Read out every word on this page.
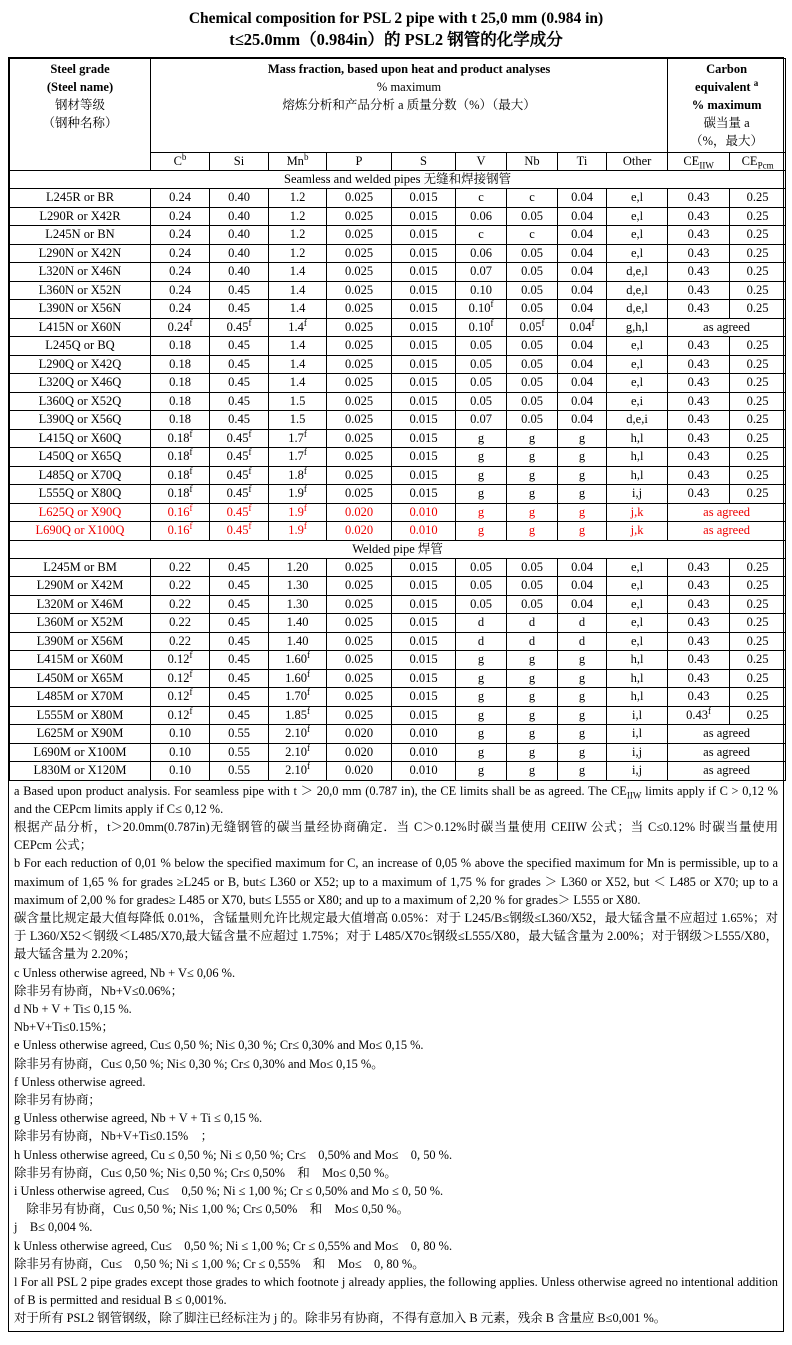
Chemical composition for PSL 2 pipe with t 25,0 mm (0.984 in)
t≤25.0mm（0.984in）的 PSL2 钢管的化学成分
Steel grade
(Steel name)
钢材等级
（钢种名称）

Mass fraction, based upon heat and product analyses
% maximum
熔炼分析和产品分析 a 质量分数（%）（最大）

Carbon
equivalent $^a$
% maximum
碳当量 a
（%，最大）

	$C^b$	Si	Mn$^b$	P	S	V	Nb	Ti	Other	$CE_{IIW}$	$CE_{Pcm}$
Seamless and welded pipes 无缝和焊接钢管											
L245R or BR	0.24	0.40	1.2	0.025	0.015	c	c	0.04	e,l	0.43	0.25
L290R or X42R	0.24	0.40	1.2	0.025	0.015	0.06	0.05	0.04	e,l	0.43	0.25
L245N or BN	0.24	0.40	1.2	0.025	0.015	c	c	0.04	e,l	0.43	0.25
L290N or X42N	0.24	0.40	1.2	0.025	0.015	0.06	0.05	0.04	e,l	0.43	0.25
L320N or X46N	0.24	0.40	1.4	0.025	0.015	0.07	0.05	0.04	d,e,l	0.43	0.25
L360N or X52N	0.24	0.45	1.4	0.025	0.015	0.10	0.05	0.04	d,e,l	0.43	0.25
L390N or X56N	0.24	0.45	1.4	0.025	0.015	0.10$^f$	0.05	0.04	d,e,l	0.43	0.25
L415N or X60N	0.24$^f$	0.45$^f$	1.4$^f$	0.025	0.015	0.10$^f$	0.05$^f$	0.04$^f$	g,h,l	as agreed	
L245Q or BQ	0.18	0.45	1.4	0.025	0.015	0.05	0.05	0.04	e,l	0.43	0.25
L290Q or X42Q	0.18	0.45	1.4	0.025	0.015	0.05	0.05	0.04	e,l	0.43	0.25
L320Q or X46Q	0.18	0.45	1.4	0.025	0.015	0.05	0.05	0.04	e,l	0.43	0.25
L360Q or X52Q	0.18	0.45	1.5	0.025	0.015	0.05	0.05	0.04	e,i	0.43	0.25
L390Q or X56Q	0.18	0.45	1.5	0.025	0.015	0.07	0.05	0.04	d,e,i	0.43	0.25
L415Q or X60Q	0.18$^f$	0.45$^f$	1.7$^f$	0.025	0.015	g	g	g	h,l	0.43	0.25
L450Q or X65Q	0.18$^f$	0.45$^f$	1.7$^f$	0.025	0.015	g	g	g	h,l	0.43	0.25
L485Q or X70Q	0.18$^f$	0.45$^f$	1.8$^f$	0.025	0.015	g	g	g	h,l	0.43	0.25
L555Q or X80Q	0.18$^f$	0.45$^f$	1.9$^f$	0.025	0.015	g	g	g	i,j	0.43	0.25
L625Q or X90Q	0.16$^f$	0.45$^f$	1.9$^f$	0.020	0.010	g	g	g	j,k	as agreed	
L690Q or X100Q	0.16$^f$	0.45$^f$	1.9$^f$	0.020	0.010	g	g	g	j,k	as agreed	
Welded pipe 焊管											
L245M or BM	0.22	0.45	1.20	0.025	0.015	0.05	0.05	0.04	e,l	0.43	0.25
L290M or X42M	0.22	0.45	1.30	0.025	0.015	0.05	0.05	0.04	e,l	0.43	0.25
L320M or X46M	0.22	0.45	1.30	0.025	0.015	0.05	0.05	0.04	e,l	0.43	0.25
L360M or X52M	0.22	0.45	1.40	0.025	0.015	d	d	d	e,l	0.43	0.25
L390M or X56M	0.22	0.45	1.40	0.025	0.015	d	d	d	e,l	0.43	0.25
L415M or X60M	0.12$^f$	0.45	1.60$^f$	0.025	0.015	g	g	g	h,l	0.43	0.25
L450M or X65M	0.12$^f$	0.45	1.60$^f$	0.025	0.015	g	g	g	h,l	0.43	0.25
L485M or X70M	0.12$^f$	0.45	1.70$^f$	0.025	0.015	g	g	g	h,l	0.43	0.25
L555M or X80M	0.12$^f$	0.45	1.85$^f$	0.025	0.015	g	g	g	i,l	0.43$^f$	0.25
L625M or X90M	0.10	0.55	2.10$^f$	0.020	0.010	g	g	g	i,l	as agreed	
L690M or X100M	0.10	0.55	2.10$^f$	0.020	0.010	g	g	g	i,j	as agreed	
L830M or X120M	0.10	0.55	2.10$^f$	0.020	0.010	g	g	g	i,j	as agreed	

a Based upon product analysis. For seamless pipe with t ＞ 20,0 mm (0.787 in), the CE limits shall be as agreed. The $CE_{IIW}$ limits apply if C > 0,12 % and the CEPcm limits apply if C≤ 0,12 %.

根据产品分析，t＞20.0mm(0.787in)无缝钢管的碳当量经协商确定．当 C＞0.12%时碳当量使用 CEIIW 公式；当 C≤0.12% 时碳当量使用 CEPcm 公式；

b For each reduction of 0,01 % below the specified maximum for C, an increase of 0,05 % above the specified maximum for Mn is permissible, up to a maximum of 1,65 % for grades ≥L245 or B, but≤ L360 or X52; up to a maximum of 1,75 % for grades ＞ L360 or X52, but ＜ L485 or X70; up to a maximum of 2,00 % for grades≥ L485 or X70, but≤ L555 or X80; and up to a maximum of 2,20 % for grades＞ L555 or X80.

碳含量比规定最大值每降低 0.01%，含锰量则允许比规定最大值增高 0.05%：对于 L245/B≤钢级≤L360/X52，最大锰含量不应超过 1.65%；对于 L360/X52＜钢级＜L485/X70,最大锰含量不应超过 1.75%；对于 L485/X70≤钢级≤L555/X80，最大锰含量为 2.00%；对于钢级＞L555/X80，最大锰含量为 2.20%；

c Unless otherwise agreed, Nb + V≤ 0,06 %.

除非另有协商，Nb+V≤0.06%；

d Nb + V + Ti≤ 0,15 %.

Nb+V+Ti≤0.15%；

e Unless otherwise agreed, Cu≤ 0,50 %; Ni≤ 0,30 %; Cr≤ 0,30% and Mo≤ 0,15 %.

除非另有协商，Cu≤ 0,50 %; Ni≤ 0,30 %; Cr≤ 0,30% and Mo≤ 0,15 %。

f Unless otherwise agreed.

除非另有协商；

g Unless otherwise agreed, Nb + V + Ti ≤ 0,15 %.

除非另有协商，Nb+V+Ti≤0.15%　；

h Unless otherwise agreed, Cu ≤ 0,50 %; Ni ≤ 0,50 %; Cr≤　0,50% and Mo≤　0, 50 %.

除非另有协商，Cu≤ 0,50 %; Ni≤ 0,50 %; Cr≤ 0,50%　和　Mo≤ 0,50 %。

i Unless otherwise agreed, Cu≤　0,50 %; Ni ≤ 1,00 %; Cr ≤ 0,50% and Mo ≤ 0, 50 %.

　除非另有协商，Cu≤ 0,50 %; Ni≤ 1,00 %; Cr≤ 0,50%　和　Mo≤ 0,50 %。

j　B≤ 0,004 %.

k Unless otherwise agreed, Cu≤　0,50 %; Ni ≤ 1,00 %; Cr ≤ 0,55% and Mo≤　0, 80 %.

除非另有协商，Cu≤　0,50 %; Ni ≤ 1,00 %; Cr ≤ 0,55%　和　Mo≤　0, 80 %。

l For all PSL 2 pipe grades except those grades to which footnote j already applies, the following applies. Unless otherwise agreed no intentional addition of B is permitted and residual B ≤ 0,001%.

对于所有 PSL2 钢管钢级，除了脚注已经标注为 j 的。除非另有协商，不得有意加入 B 元素，残余 B 含量应 B≤0,001 %。
